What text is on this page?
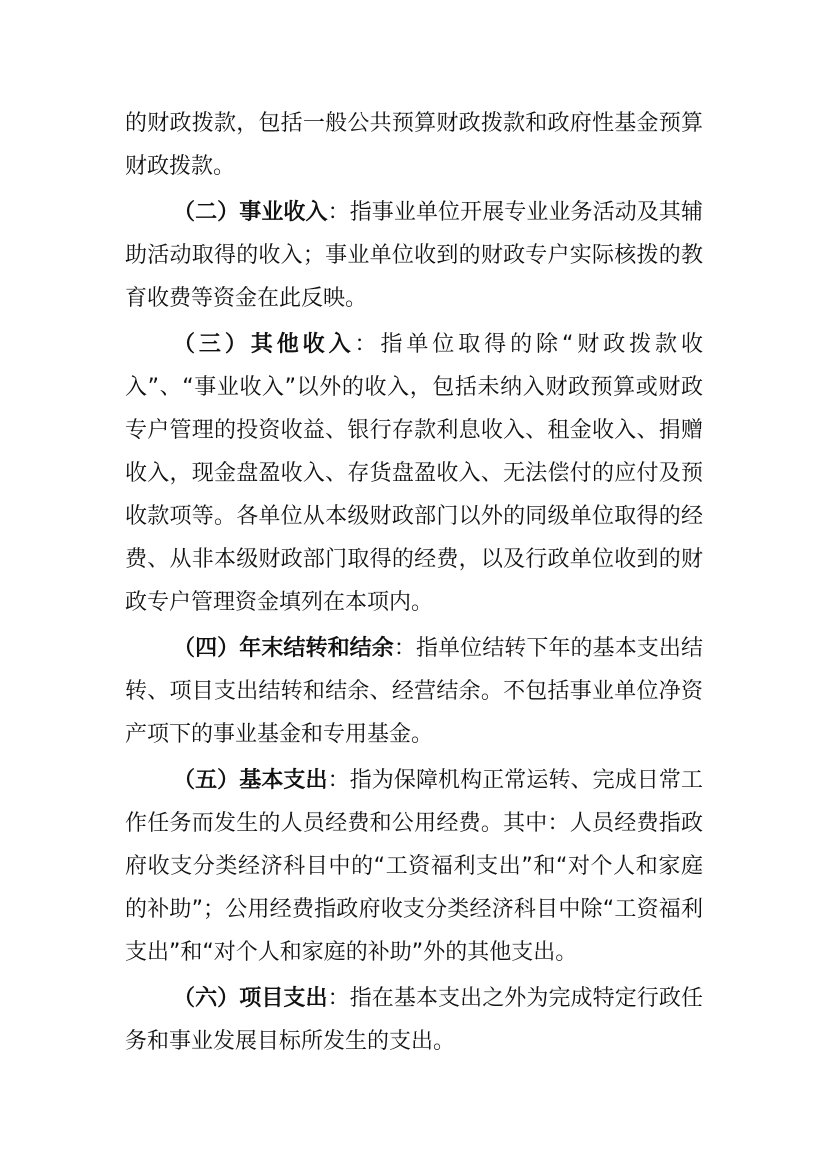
的财政拨款，包括一般公共预算财政拨款和政府性基金预算财政拨款。

（二）事业收入：指事业单位开展专业业务活动及其辅助活动取得的收入；事业单位收到的财政专户实际核拨的教育收费等资金在此反映。

（三）其他收入：指单位取得的除“财政拨款收入”、“事业收入”以外的收入，包括未纳入财政预算或财政专户管理的投资收益、银行存款利息收入、租金收入、捐赠收入，现金盘盈收入、存货盘盈收入、无法偿付的应付及预收款项等。各单位从本级财政部门以外的同级单位取得的经费、从非本级财政部门取得的经费，以及行政单位收到的财政专户管理资金填列在本项内。

（四）年末结转和结余：指单位结转下年的基本支出结转、项目支出结转和结余、经营结余。不包括事业单位净资产项下的事业基金和专用基金。

（五）基本支出：指为保障机构正常运转、完成日常工作任务而发生的人员经费和公用经费。其中：人员经费指政府收支分类经济科目中的“工资福利支出”和“对个人和家庭的补助”；公用经费指政府收支分类经济科目中除“工资福利支出”和“对个人和家庭的补助”外的其他支出。

（六）项目支出：指在基本支出之外为完成特定行政任务和事业发展目标所发生的支出。
